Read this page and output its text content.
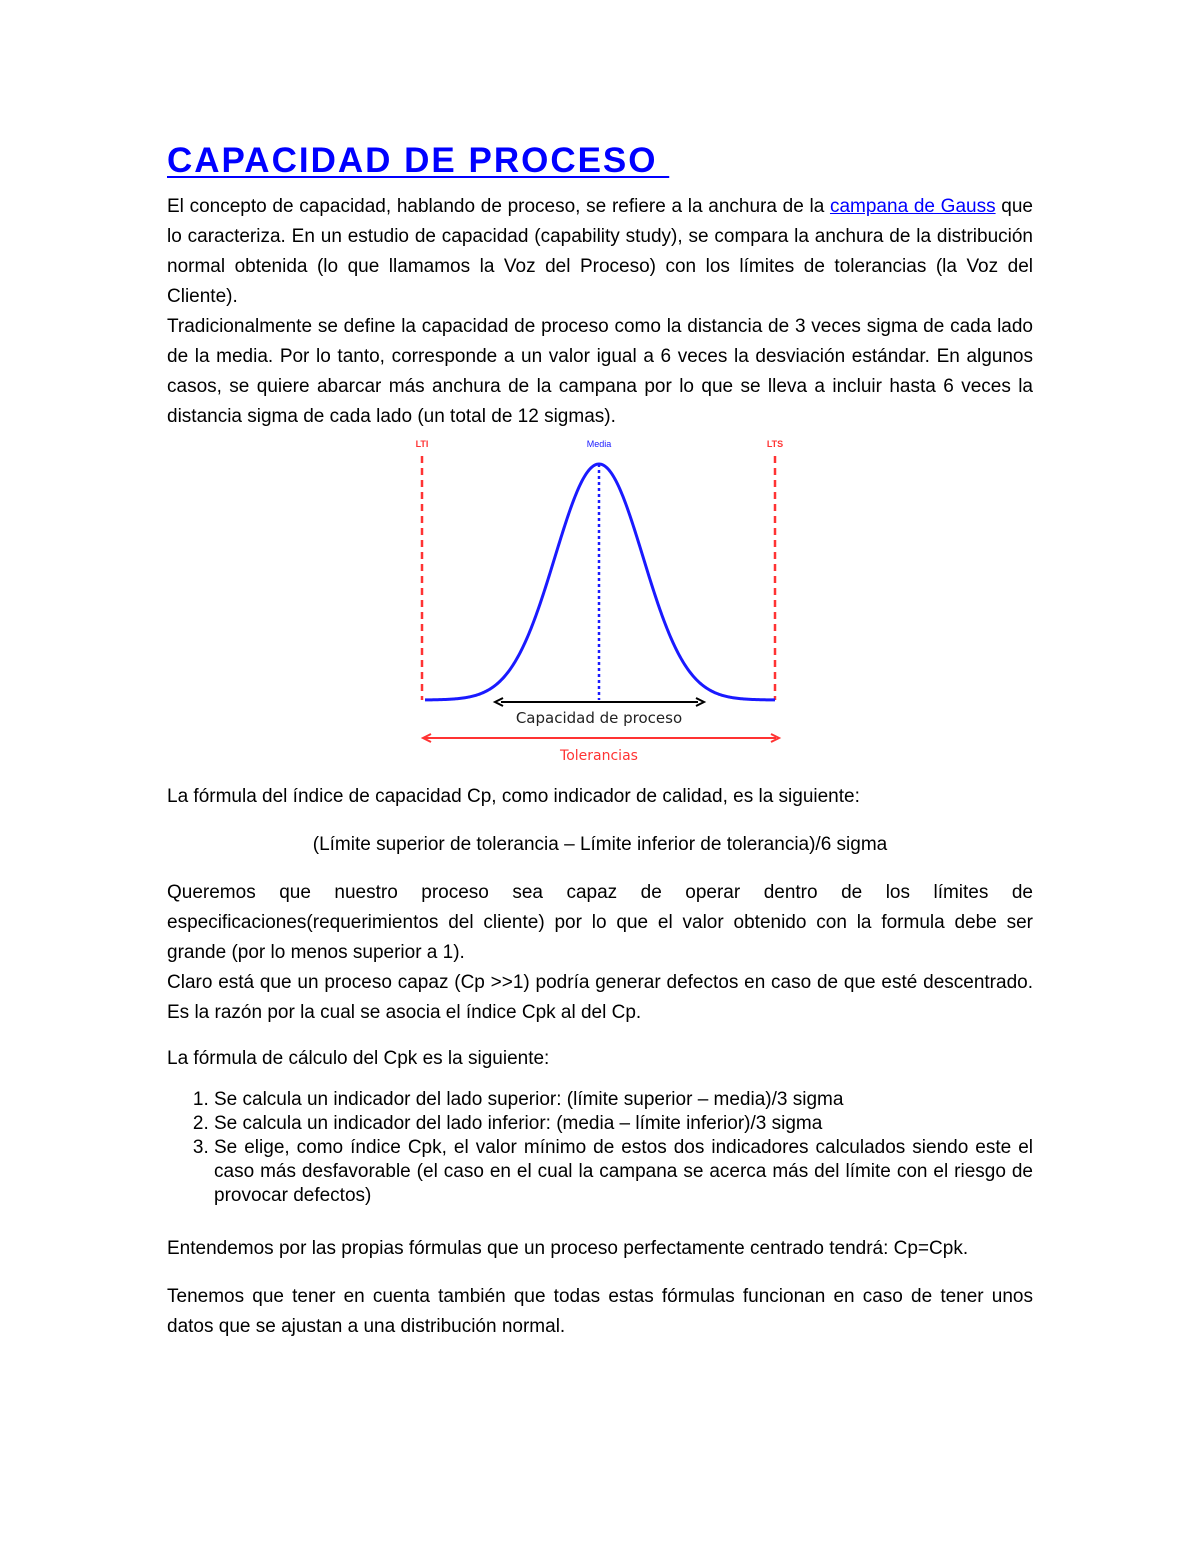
CAPACIDAD DE PROCESO

El concepto de capacidad, hablando de proceso, se refiere a la anchura de la campana de Gauss que lo caracteriza. En un estudio de capacidad (capability study), se compara la anchura de la distribución normal obtenida (lo que llamamos la Voz del Proceso) con los límites de tolerancias (la Voz del Cliente).

Tradicionalmente se define la capacidad de proceso como la distancia de 3 veces sigma de cada lado de la media. Por lo tanto, corresponde a un valor igual a 6 veces la desviación estándar. En algunos casos, se quiere abarcar más anchura de la campana por lo que se lleva a incluir hasta 6 veces la distancia sigma de cada lado (un total de 12 sigmas).

LTI	Media	LTS
Capacidad de proceso
Tolerancias

La fórmula del índice de capacidad Cp, como indicador de calidad, es la siguiente:

(Límite superior de tolerancia – Límite inferior de tolerancia)/6 sigma

Queremos que nuestro proceso sea capaz de operar dentro de los límites de especificaciones(requerimientos del cliente) por lo que el valor obtenido con la formula debe ser grande (por lo menos superior a 1).

Claro está que un proceso capaz (Cp >>1) podría generar defectos en caso de que esté descentrado. Es la razón por la cual se asocia el índice Cpk al del Cp.

La fórmula de cálculo del Cpk es la siguiente:

1. Se calcula un indicador del lado superior: (límite superior – media)/3 sigma
2. Se calcula un indicador del lado inferior: (media – límite inferior)/3 sigma
3. Se elige, como índice Cpk, el valor mínimo de estos dos indicadores calculados siendo este el caso más desfavorable (el caso en el cual la campana se acerca más del límite con el riesgo de provocar defectos)

Entendemos por las propias fórmulas que un proceso perfectamente centrado tendrá: Cp=Cpk.

Tenemos que tener en cuenta también que todas estas fórmulas funcionan en caso de tener unos datos que se ajustan a una distribución normal.
